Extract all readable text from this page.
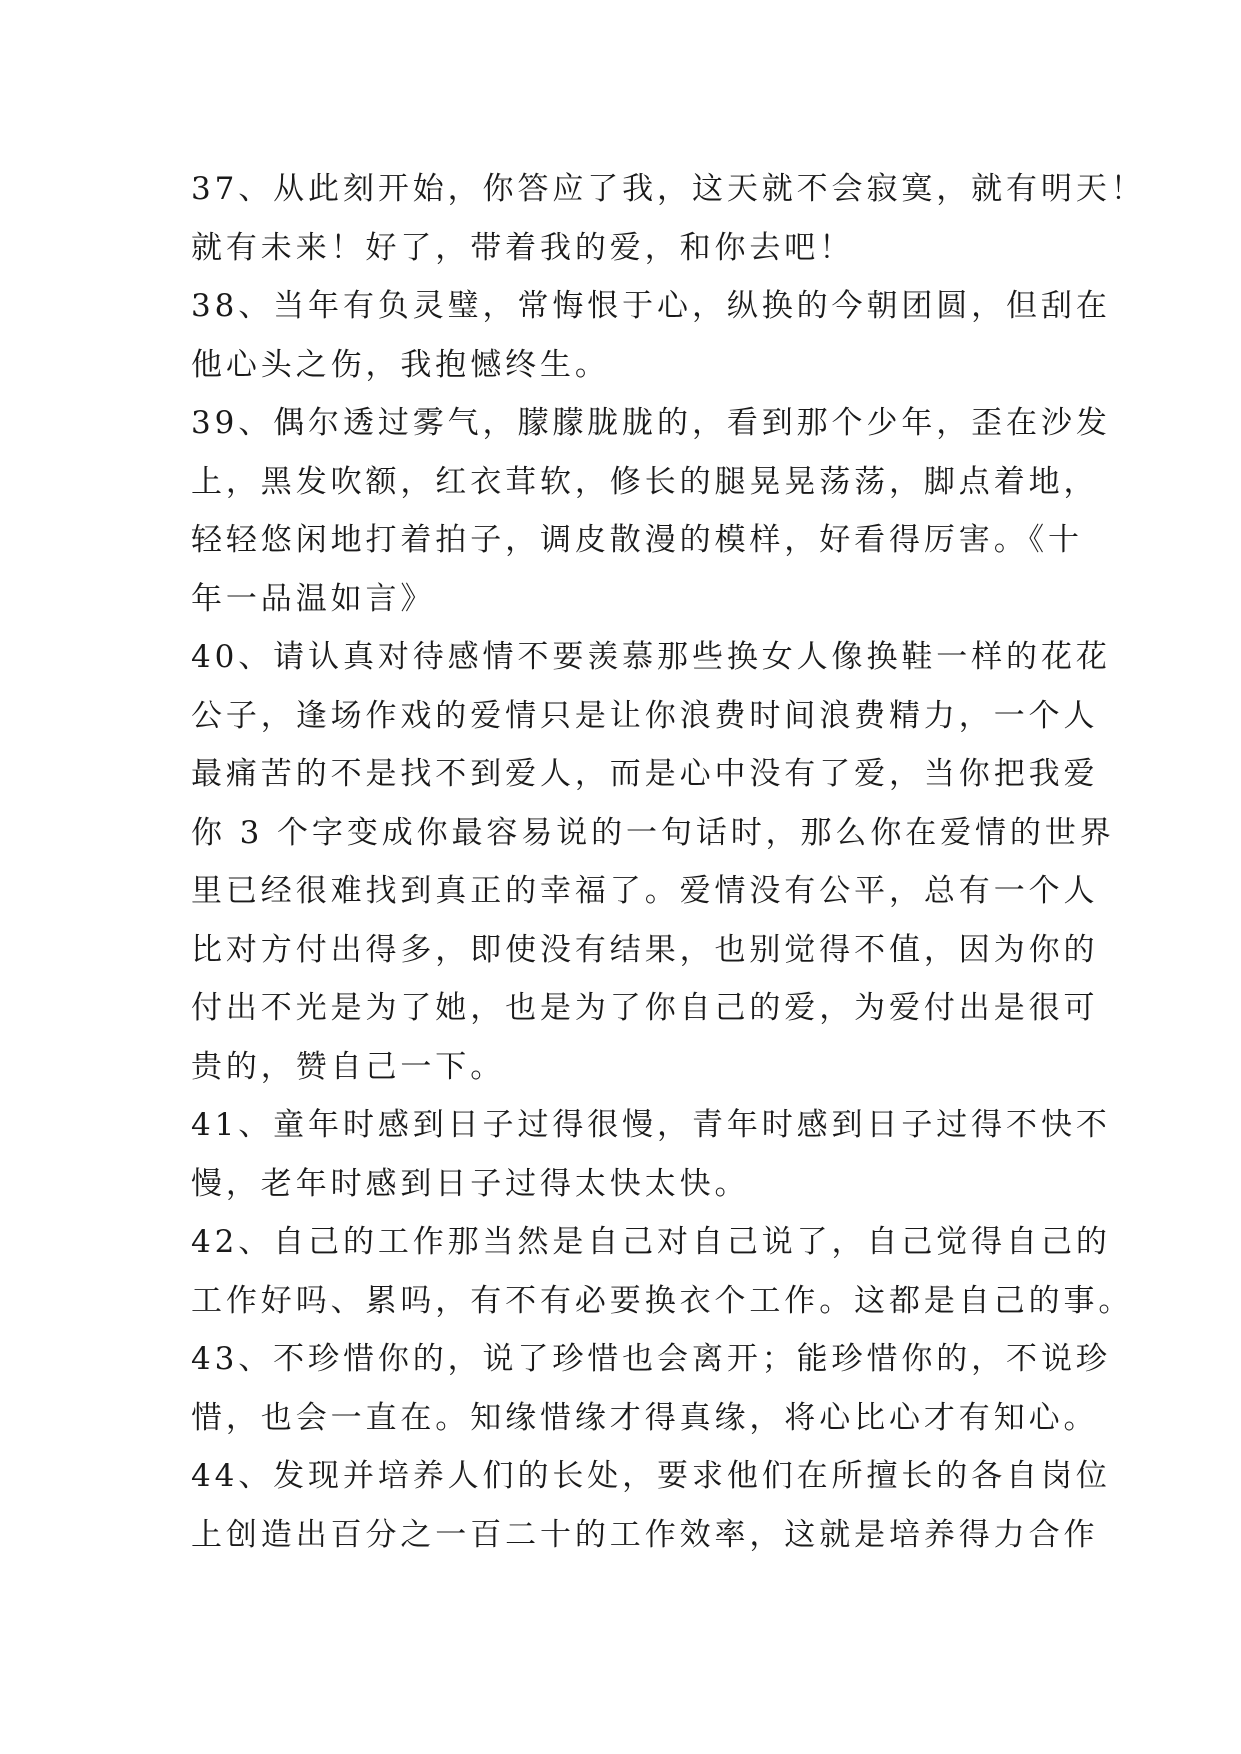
37、从此刻开始，你答应了我，这天就不会寂寞，就有明天！
就有未来！好了，带着我的爱，和你去吧！
38、当年有负灵璧，常悔恨于心，纵换的今朝团圆，但刮在
他心头之伤，我抱憾终生。
39、偶尔透过雾气，朦朦胧胧的，看到那个少年，歪在沙发
上，黑发吹额，红衣茸软，修长的腿晃晃荡荡，脚点着地，
轻轻悠闲地打着拍子，调皮散漫的模样，好看得厉害。《十
年一品温如言》
40、请认真对待感情不要羡慕那些换女人像换鞋一样的花花
公子，逢场作戏的爱情只是让你浪费时间浪费精力，一个人
最痛苦的不是找不到爱人，而是心中没有了爱，当你把我爱
你 3 个字变成你最容易说的一句话时，那么你在爱情的世界
里已经很难找到真正的幸福了。爱情没有公平，总有一个人
比对方付出得多，即使没有结果，也别觉得不值，因为你的
付出不光是为了她，也是为了你自己的爱，为爱付出是很可
贵的，赞自己一下。
41、童年时感到日子过得很慢，青年时感到日子过得不快不
慢，老年时感到日子过得太快太快。
42、自己的工作那当然是自己对自己说了，自己觉得自己的
工作好吗、累吗，有不有必要换衣个工作。这都是自己的事。
43、不珍惜你的，说了珍惜也会离开；能珍惜你的，不说珍
惜，也会一直在。知缘惜缘才得真缘，将心比心才有知心。
44、发现并培养人们的长处，要求他们在所擅长的各自岗位
上创造出百分之一百二十的工作效率，这就是培养得力合作
